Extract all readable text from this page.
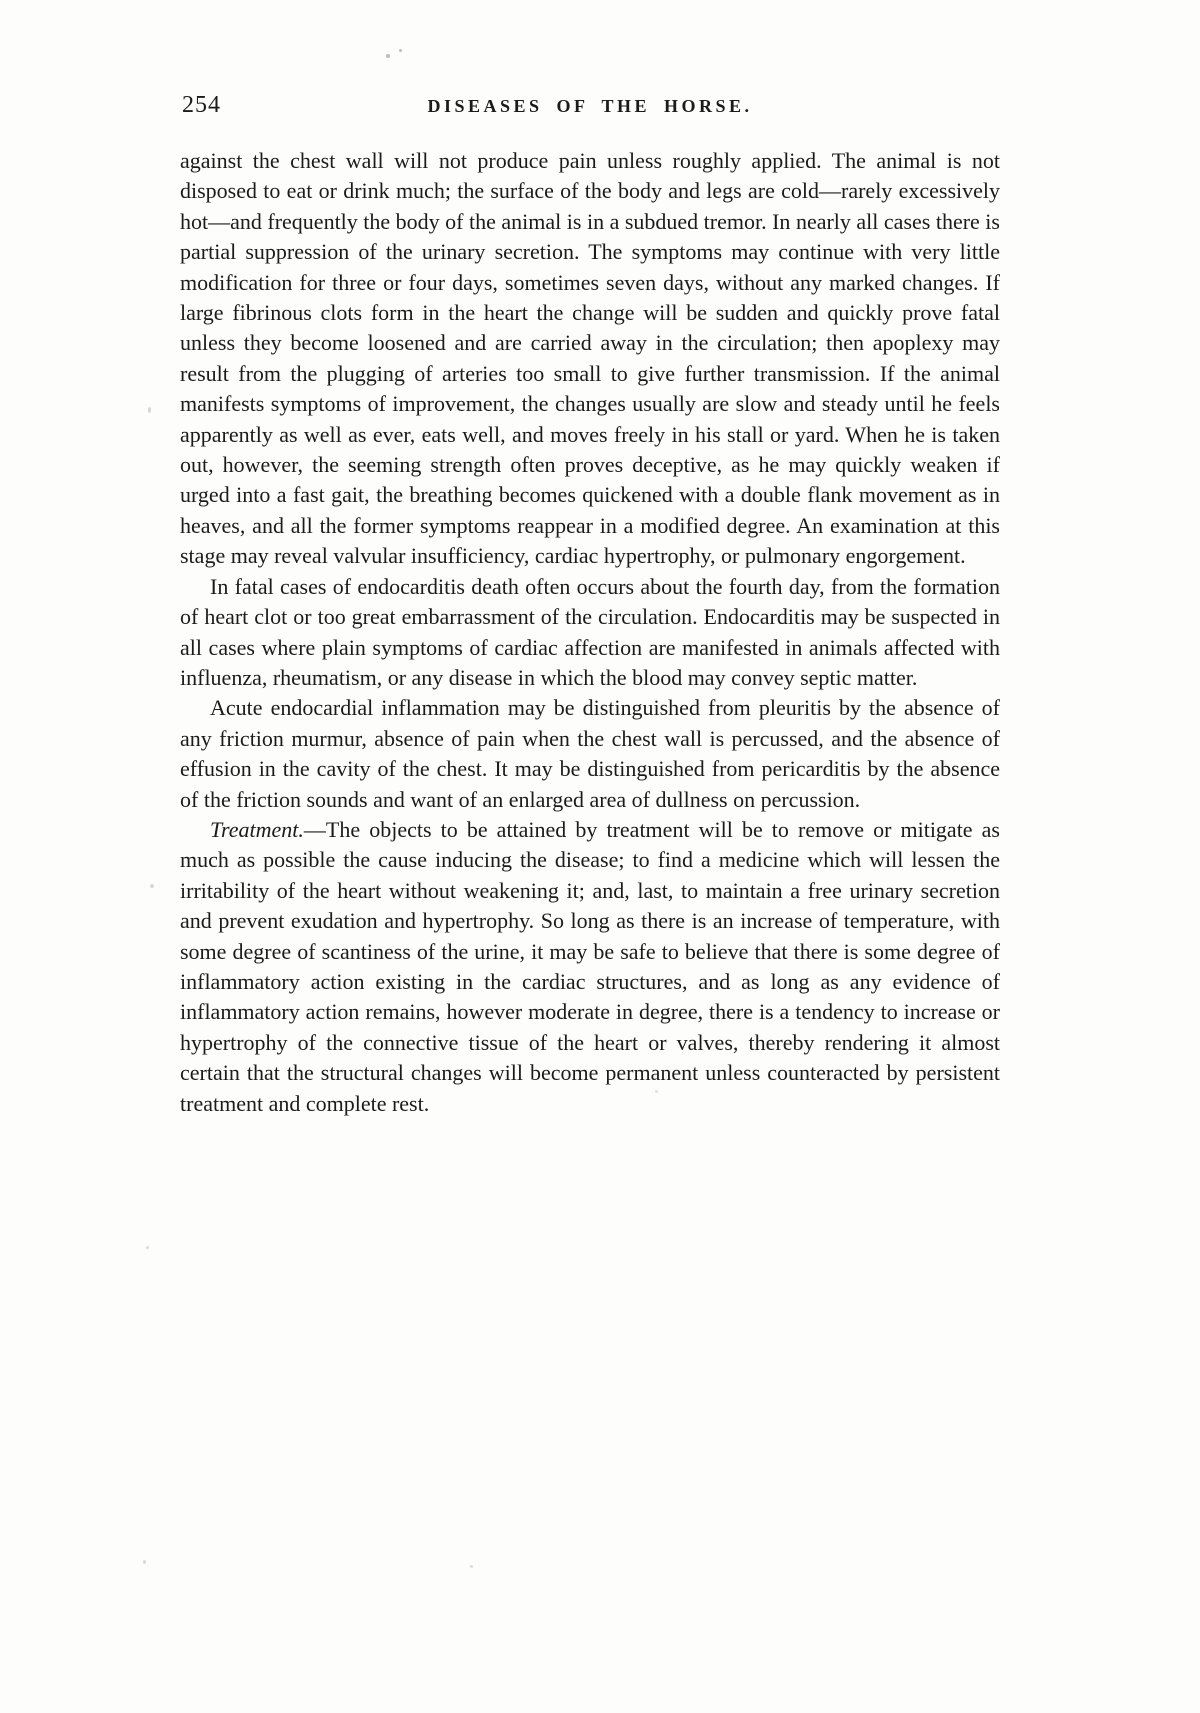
254	DISEASES OF THE HORSE.

against the chest wall will not produce pain unless roughly applied. The animal is not disposed to eat or drink much; the surface of the body and legs are cold—rarely excessively hot—and frequently the body of the animal is in a subdued tremor. In nearly all cases there is partial suppression of the urinary secretion. The symptoms may continue with very little modification for three or four days, sometimes seven days, without any marked changes. If large fibrinous clots form in the heart the change will be sudden and quickly prove fatal unless they become loosened and are carried away in the circulation; then apoplexy may result from the plugging of arteries too small to give further transmission. If the animal manifests symptoms of improvement, the changes usually are slow and steady until he feels apparently as well as ever, eats well, and moves freely in his stall or yard. When he is taken out, however, the seeming strength often proves deceptive, as he may quickly weaken if urged into a fast gait, the breathing becomes quickened with a double flank movement as in heaves, and all the former symptoms reappear in a modified degree. An examination at this stage may reveal valvular insufficiency, cardiac hypertrophy, or pulmonary engorgement.

In fatal cases of endocarditis death often occurs about the fourth day, from the formation of heart clot or too great embarrassment of the circulation. Endocarditis may be suspected in all cases where plain symptoms of cardiac affection are manifested in animals affected with influenza, rheumatism, or any disease in which the blood may convey septic matter.

Acute endocardial inflammation may be distinguished from pleuritis by the absence of any friction murmur, absence of pain when the chest wall is percussed, and the absence of effusion in the cavity of the chest. It may be distinguished from pericarditis by the absence of the friction sounds and want of an enlarged area of dullness on percussion.

Treatment.—The objects to be attained by treatment will be to remove or mitigate as much as possible the cause inducing the disease; to find a medicine which will lessen the irritability of the heart without weakening it; and, last, to maintain a free urinary secretion and prevent exudation and hypertrophy. So long as there is an increase of temperature, with some degree of scantiness of the urine, it may be safe to believe that there is some degree of inflammatory action existing in the cardiac structures, and as long as any evidence of inflammatory action remains, however moderate in degree, there is a tendency to increase or hypertrophy of the connective tissue of the heart or valves, thereby rendering it almost certain that the structural changes will become permanent unless counteracted by persistent treatment and complete rest.
